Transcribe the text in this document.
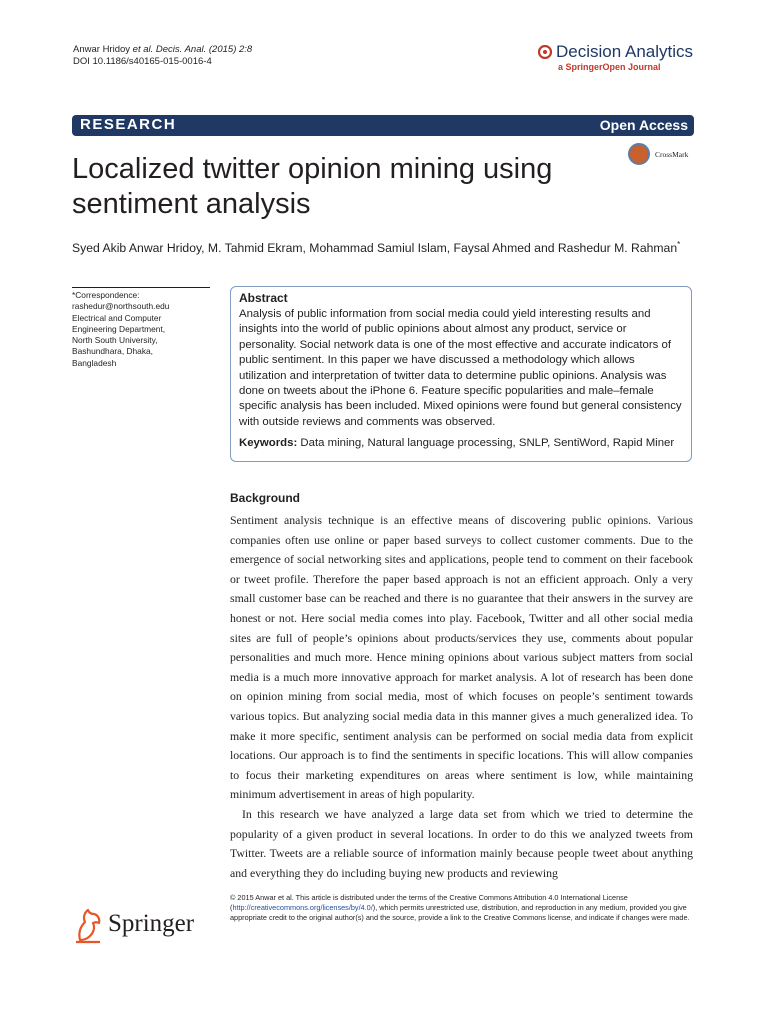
Anwar Hridoy et al. Decis. Anal. (2015) 2:8
DOI 10.1186/s40165-015-0016-4
Decision Analytics
a SpringerOpen Journal
RESEARCH	Open Access
Localized twitter opinion mining using sentiment analysis
CrossMark
Syed Akib Anwar Hridoy, M. Tahmid Ekram, Mohammad Samiul Islam, Faysal Ahmed and Rashedur M. Rahman*
*Correspondence:
rashedur@northsouth.edu
Electrical and Computer
Engineering Department,
North South University,
Bashundhara, Dhaka,
Bangladesh
Abstract
Analysis of public information from social media could yield interesting results and insights into the world of public opinions about almost any product, service or personality. Social network data is one of the most effective and accurate indicators of public sentiment. In this paper we have discussed a methodology which allows utilization and interpretation of twitter data to determine public opinions. Analysis was done on tweets about the iPhone 6. Feature specific popularities and male–female specific analysis has been included. Mixed opinions were found but general consistency with outside reviews and comments was observed.
Keywords: Data mining, Natural language processing, SNLP, SentiWord, Rapid Miner
Background

Sentiment analysis technique is an effective means of discovering public opinions. Various companies often use online or paper based surveys to collect customer comments. Due to the emergence of social networking sites and applications, people tend to comment on their facebook or tweet profile. Therefore the paper based approach is not an efficient approach. Only a very small customer base can be reached and there is no guarantee that their answers in the survey are honest or not. Here social media comes into play. Facebook, Twitter and all other social media sites are full of people’s opinions about products/services they use, comments about popular personalities and much more. Hence mining opinions about various subject matters from social media is a much more innovative approach for market analysis. A lot of research has been done on opinion mining from social media, most of which focuses on people’s sentiment towards various topics. But analyzing social media data in this manner gives a much generalized idea. To make it more specific, sentiment analysis can be performed on social media data from explicit locations. Our approach is to find the sentiments in specific locations. This will allow companies to focus their marketing expenditures on areas where sentiment is low, while maintaining minimum advertisement in areas of high popularity.

In this research we have analyzed a large data set from which we tried to determine the popularity of a given product in several locations. In order to do this we analyzed tweets from Twitter. Tweets are a reliable source of information mainly because people tweet about anything and everything they do including buying new products and reviewing

Springer
© 2015 Anwar et al. This article is distributed under the terms of the Creative Commons Attribution 4.0 International License (http://creativecommons.org/licenses/by/4.0/), which permits unrestricted use, distribution, and reproduction in any medium, provided you give appropriate credit to the original author(s) and the source, provide a link to the Creative Commons license, and indicate if changes were made.
